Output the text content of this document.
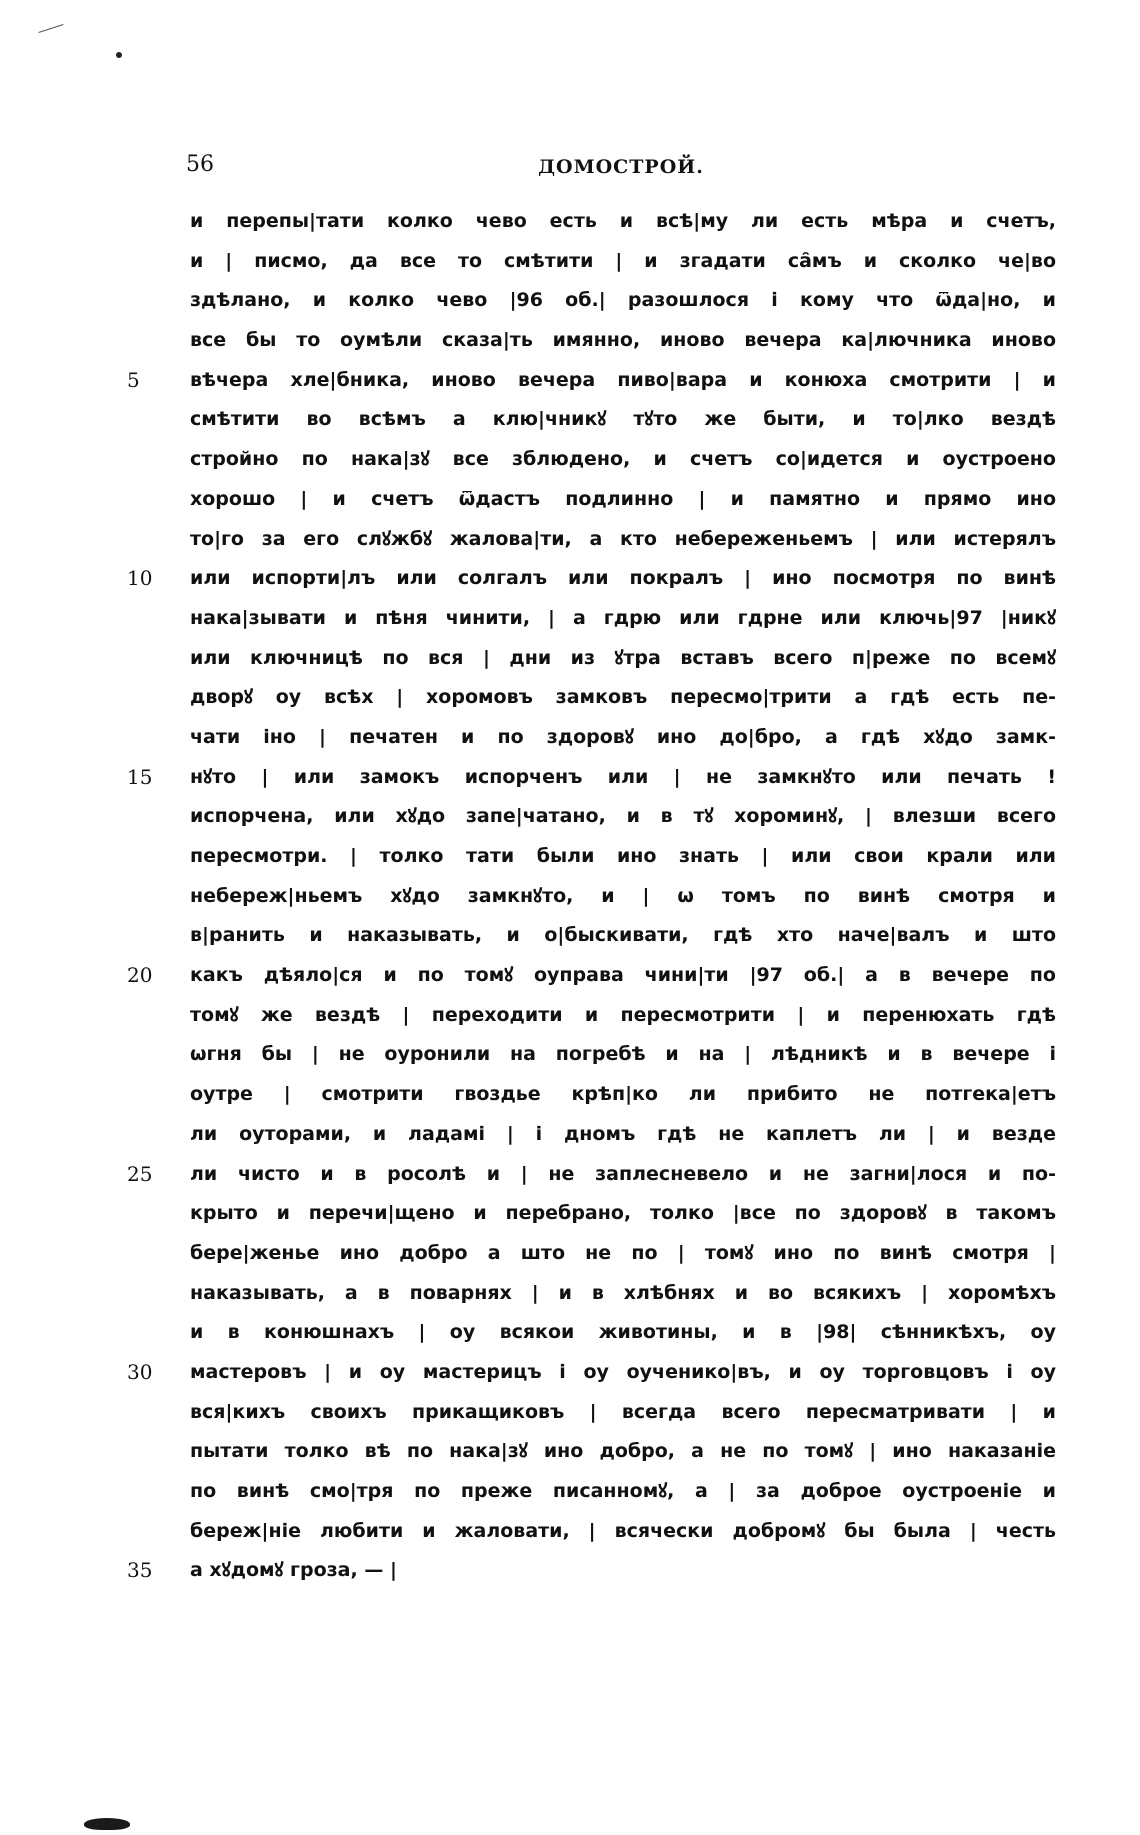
56	ДОМОСТРОЙ.
и перепы|тати колко чево есть и всѣ|му ли есть мѣра и счетъ,
и | писмо, да все то смѣтити | и згадати са̑мъ и сколко че|во
здѣлано, и колко чево |96 об.| разошлося і кому что ѿда|но, и
все бы то оумѣли сказа|ть имянно, иново вечера ка|лючника иново
5	вѣчера хле|бника, иново вечера пиво|вара и конюха смотрити | и
смѣтити во всѣмъ а клю|чникꙋ тꙋто же быти, и то|лко вездѣ
стройно по нака|зꙋ все зблюдено, и счетъ со|идется и оустроено
хорошо | и счетъ ѿдастъ подлинно | и памятно и прямо ино
то|го за его слꙋжбꙋ жалова|ти, а кто небереженьемъ | или истерялъ
10	или испорти|лъ или солгалъ или покралъ | ино посмотря по винѣ
нака|зывати и пѣня чинити, | а гдрю или гдрне или ключь|97 |никꙋ
или ключницѣ по вся | дни из ꙋтра вставъ всего п|реже по всемꙋ
дворꙋ оу всѣх | хоромовъ замковъ пересмо|трити а гдѣ есть пе-
чати іно | печатен и по здоровꙋ ино до|бро, а гдѣ хꙋдо замк-
15	нꙋто | или замокъ испорченъ или | не замкнꙋто или печать !
испорчена, или хꙋдо запе|чатано, и в тꙋ хороминꙋ, | влезши всего
пересмотри. | толко тати были ино знать | или свои крали или
небереж|ньемъ хꙋдо замкнꙋто, и | ѡ томъ по винѣ смотря и
в|ранить и наказывать, и о|быскивати, гдѣ хто наче|валъ и што
20	какъ дѣяло|ся и по томꙋ оуправа чини|ти |97 об.| а в вечере по
томꙋ же вездѣ | переходити и пересмотрити | и перенюхать гдѣ
ѡгня бы | не оуронили на погребѣ и на | лѣдникѣ и в вечере і
оутре | смотрити гвоздье крѣп|ко ли прибито не потгека|етъ
ли оуторами, и ладамі | і дномъ гдѣ не каплетъ ли | и везде
25	ли чисто и в росолѣ и | не заплесневело и не загни|лося и по-
крыто и перечи|щено и перебрано, толко |все по здоровꙋ в такомъ
бере|женье ино добро а што не по | томꙋ ино по винѣ смотря |
наказывать, а в поварнях | и в хлѣбнях и во всякихъ | хоромѣхъ
и в конюшнахъ | оу всякои животины, и в |98| сѣнникѣхъ, оу
30	мастеровъ | и оу мастерицъ і оу оученико|въ, и оу торговцовъ і оу
вся|кихъ своихъ прикащиковъ | всегда всего пересматривати | и
пытати толко вѣ по нака|зꙋ ино добро, а не по томꙋ | ино наказаніе
по винѣ смо|тря по преже писанномꙋ, а | за доброе оустроеніе и
береж|ніе любити и жаловати, | всячески добромꙋ бы была | честь
35	а хꙋдомꙋ гроза, — |
